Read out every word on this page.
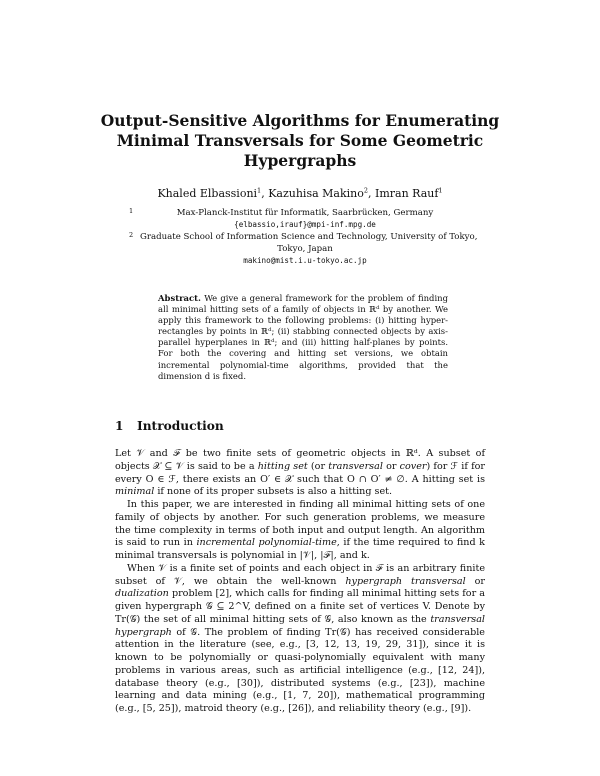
Output-Sensitive Algorithms for Enumerating
Minimal Transversals for Some Geometric
Hypergraphs
Khaled Elbassioni$^1$, Kazuhisa Makino$^2$, Imran Rauf$^1$
1	Max-Planck-Institut für Informatik, Saarbrücken, Germany
{elbassio,irauf}@mpi-inf.mpg.de
2 Graduate School of Information Science and Technology, University of Tokyo,
Tokyo, Japan
makino@mist.i.u-tokyo.ac.jp
Abstract. We give a general framework for the problem of finding all minimal hitting sets of a family of objects in ℝᵈ by another. We apply this framework to the following problems: (i) hitting hyper-rectangles by points in ℝᵈ; (ii) stabbing connected objects by axis-parallel hyperplanes in ℝᵈ; and (iii) hitting half-planes by points. For both the covering and hitting set versions, we obtain incremental polynomial-time algorithms, provided that the dimension d is fixed.
1 Introduction

Let 𝒱 and ℱ be two finite sets of geometric objects in ℝᵈ. A subset of objects 𝒳 ⊆ 𝒱 is said to be a hitting set (or transversal or cover) for ℱ if for every O ∈ ℱ, there exists an O′ ∈ 𝒳 such that O ∩ O′ ≠ ∅. A hitting set is minimal if none of its proper subsets is also a hitting set.

In this paper, we are interested in finding all minimal hitting sets of one family of objects by another. For such generation problems, we measure the time complexity in terms of both input and output length. An algorithm is said to run in incremental polynomial-time, if the time required to find k minimal transversals is polynomial in |𝒱|, |ℱ|, and k.

When 𝒱 is a finite set of points and each object in ℱ is an arbitrary finite subset of 𝒱, we obtain the well-known hypergraph transversal or dualization problem [2], which calls for finding all minimal hitting sets for a given hypergraph 𝒢 ⊆ 2^V, defined on a finite set of vertices V. Denote by Tr(𝒢) the set of all minimal hitting sets of 𝒢, also known as the transversal hypergraph of 𝒢. The problem of finding Tr(𝒢) has received considerable attention in the literature (see, e.g., [3, 12, 13, 19, 29, 31]), since it is known to be polynomially or quasi-polynomially equivalent with many problems in various areas, such as artificial intelligence (e.g., [12, 24]), database theory (e.g., [30]), distributed systems (e.g., [23]), machine learning and data mining (e.g., [1, 7, 20]), mathematical programming (e.g., [5, 25]), matroid theory (e.g., [26]), and reliability theory (e.g., [9]).
